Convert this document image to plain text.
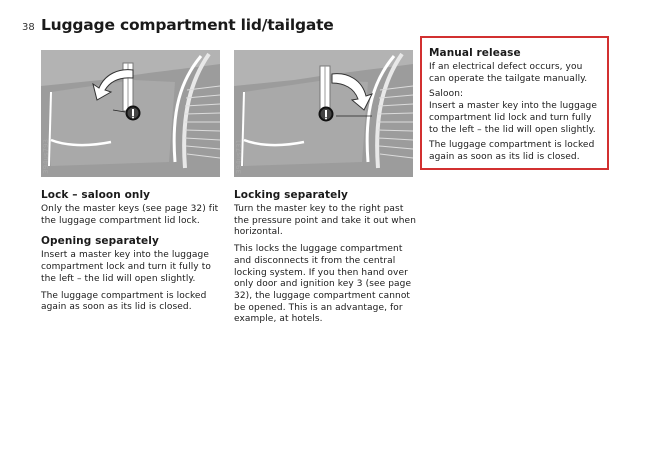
38 Luggage compartment lid/tailgate
394us793	394us731
Lock – saloon only
Only the master keys (see page 32) fit the luggage compartment lid lock.
Opening separately
Insert a master key into the luggage compartment lock and turn it fully to the left – the lid will open slightly.
The luggage compartment is locked again as soon as its lid is closed.
Locking separately
Turn the master key to the right past the pressure point and take it out when horizontal.
This locks the luggage compartment and disconnects it from the central locking system. If you then hand over only door and ignition key 3 (see page 32), the luggage compartment cannot be opened. This is an advantage, for example, at hotels.
Manual release
If an electrical defect occurs, you can operate the tailgate manually.
Saloon:
Insert a master key into the luggage compartment lid lock and turn fully to the left – the lid will open slightly.
The luggage compartment is locked again as soon as its lid is closed.
